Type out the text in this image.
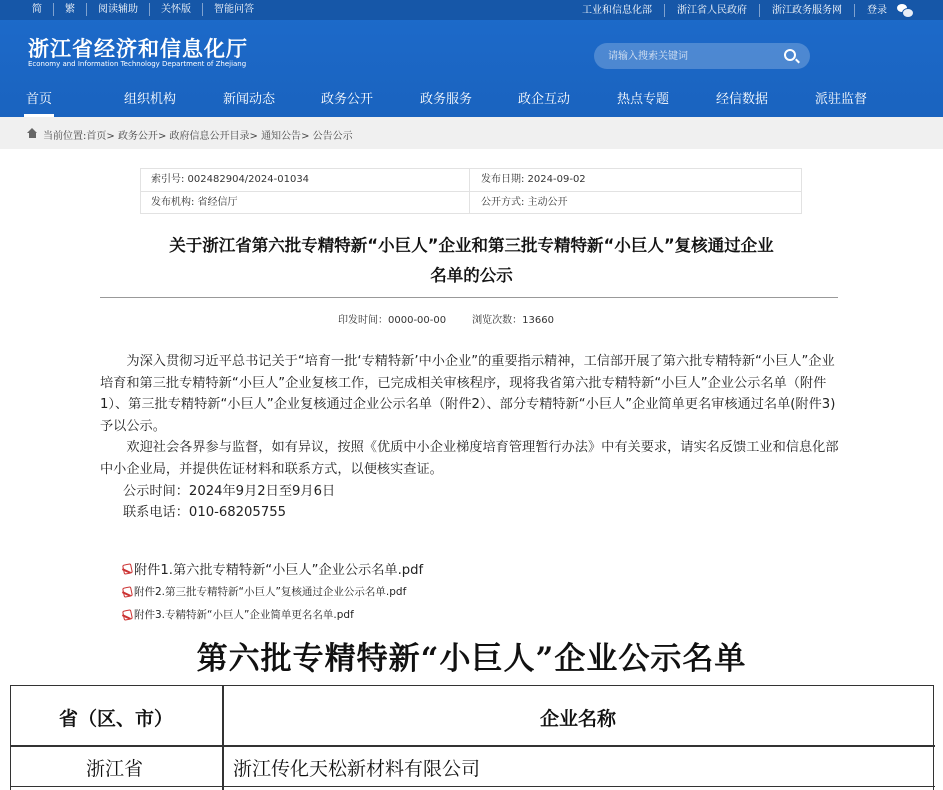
简	繁	阅读辅助	关怀版	智能问答	工业和信息化部	浙江省人民政府	浙江政务服务网	登录
浙江省经济和信息化厅
Economy and Information Technology Department of Zhejiang
请输入搜索关键词
首页	组织机构	新闻动态	政务公开	政务服务	政企互动	热点专题	经信数据	派驻监督
当前位置:首页> 政务公开> 政府信息公开目录> 通知公告> 公告公示
索引号: 002482904/2024-01034	发布日期: 2024-09-02
发布机构: 省经信厅	公开方式: 主动公开
关于浙江省第六批专精特新“小巨人”企业和第三批专精特新“小巨人”复核通过企业
名单的公示
印发时间：0000-00-00	浏览次数：13660

为深入贯彻习近平总书记关于“培育一批‘专精特新’中小企业”的重要指示精神，工信部开展了第六批专精特新“小巨人”企业培育和第三批专精特新“小巨人”企业复核工作，已完成相关审核程序，现将我省第六批专精特新“小巨人”企业公示名单（附件1）、第三批专精特新“小巨人”企业复核通过企业公示名单（附件2）、部分专精特新“小巨人”企业简单更名审核通过名单(附件3)予以公示。

欢迎社会各界参与监督，如有异议，按照《优质中小企业梯度培育管理暂行办法》中有关要求，请实名反馈工业和信息化部中小企业局，并提供佐证材料和联系方式，以便核实查证。

公示时间：2024年9月2日至9月6日

联系电话：010-68205755

附件1.第六批专精特新“小巨人”企业公示名单.pdf
附件2.第三批专精特新“小巨人”复核通过企业公示名单.pdf
附件3.专精特新“小巨人”企业简单更名名单.pdf
第六批专精特新“小巨人”企业公示名单
省（区、市）	企业名称
浙江省	浙江传化天松新材料有限公司
